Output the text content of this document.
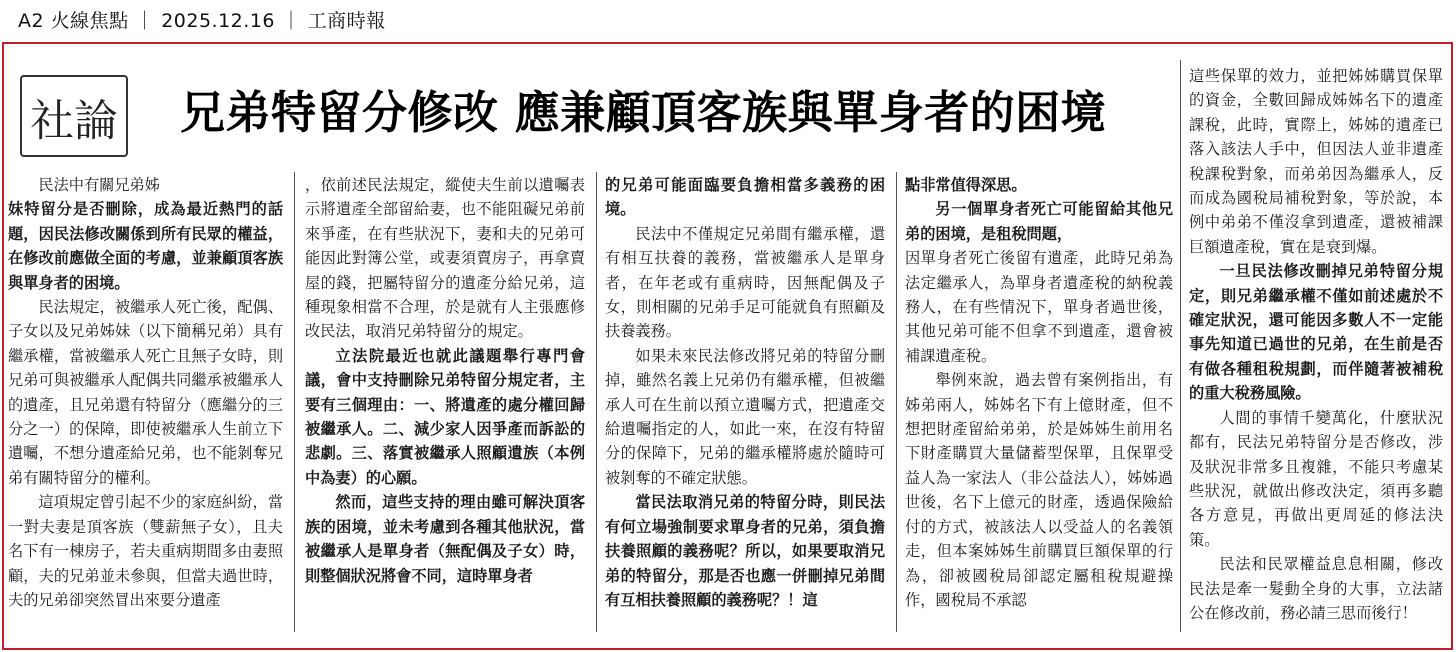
A2 火線焦點 ｜ 2025.12.16 ｜ 工商時報
社論 兄弟特留分修改 應兼顧頂客族與單身者的困境

民法中有關兄弟姊

妹特留分是否刪除，成為最近熱門的話題，因民法修改關係到所有民眾的權益，在修改前應做全面的考慮，並兼顧頂客族與單身者的困境。

民法規定，被繼承人死亡後，配偶、子女以及兄弟姊妹（以下簡稱兄弟）具有繼承權，當被繼承人死亡且無子女時，則兄弟可與被繼承人配偶共同繼承被繼承人的遺產，且兄弟還有特留分（應繼分的三分之一）的保障，即使被繼承人生前立下遺囑，不想分遺產給兄弟，也不能剝奪兄弟有關特留分的權利。

這項規定曾引起不少的家庭糾紛，當一對夫妻是頂客族（雙薪無子女），且夫名下有一棟房子，若夫重病期間多由妻照顧，夫的兄弟並未參與，但當夫過世時，夫的兄弟卻突然冒出來要分遺產

，依前述民法規定，縱使夫生前以遺囑表示將遺產全部留給妻，也不能阻礙兄弟前來爭產，在有些狀況下，妻和夫的兄弟可能因此對簿公堂，或妻須賣房子，再拿賣屋的錢，把屬特留分的遺產分給兄弟，這種現象相當不合理，於是就有人主張應修改民法，取消兄弟特留分的規定。

立法院最近也就此議題舉行專門會議，會中支持刪除兄弟特留分規定者，主要有三個理由：一、將遺產的處分權回歸被繼承人。二、減少家人因爭產而訴訟的悲劇。三、落實被繼承人照顧遺族（本例中為妻）的心願。

然而，這些支持的理由雖可解決頂客族的困境，並未考慮到各種其他狀況，當被繼承人是單身者（無配偶及子女）時，則整個狀況將會不同，這時單身者

的兄弟可能面臨要負擔相當多義務的困境。

民法中不僅規定兄弟間有繼承權，還有相互扶養的義務，當被繼承人是單身者，在年老或有重病時，因無配偶及子女，則相關的兄弟手足可能就負有照顧及扶養義務。

如果未來民法修改將兄弟的特留分刪掉，雖然名義上兄弟仍有繼承權，但被繼承人可在生前以預立遺囑方式，把遺產交給遺囑指定的人，如此一來，在沒有特留分的保障下，兄弟的繼承權將處於隨時可被剝奪的不確定狀態。

當民法取消兄弟的特留分時，則民法有何立場強制要求單身者的兄弟，須負擔扶養照顧的義務呢？所以，如果要取消兄弟的特留分，那是否也應一併刪掉兄弟間有互相扶養照顧的義務呢？！這

點非常值得深思。

另一個單身者死亡可能留給其他兄弟的困境，是租稅問題，

因單身者死亡後留有遺產，此時兄弟為法定繼承人，為單身者遺產稅的納稅義務人，在有些情況下，單身者過世後，其他兄弟可能不但拿不到遺產，還會被補課遺產稅。

舉例來說，過去曾有案例指出，有姊弟兩人，姊姊名下有上億財產，但不想把財產留給弟弟，於是姊姊生前用名下財產購買大量儲蓄型保單，且保單受益人為一家法人（非公益法人），姊姊過世後，名下上億元的財產，透過保險給付的方式，被該法人以受益人的名義領走，但本案姊姊生前購買巨額保單的行為，卻被國稅局卻認定屬租稅規避操作，國稅局不承認

這些保單的效力，並把姊姊購買保單的資金，全數回歸成姊姊名下的遺產課稅，此時，實際上，姊姊的遺產已落入該法人手中，但因法人並非遺產稅課稅對象，而弟弟因為繼承人，反而成為國稅局補稅對象，等於說，本例中弟弟不僅沒拿到遺產，還被補課巨額遺產稅，實在是衰到爆。

一旦民法修改刪掉兄弟特留分規定，則兄弟繼承權不僅如前述處於不確定狀況，還可能因多數人不一定能事先知道已過世的兄弟，在生前是否有做各種租稅規劃，而伴隨著被補稅的重大稅務風險。

人間的事情千變萬化，什麼狀況都有，民法兄弟特留分是否修改，涉及狀況非常多且複雜，不能只考慮某些狀況，就做出修改決定，須再多聽各方意見，再做出更周延的修法決策。

民法和民眾權益息息相關，修改民法是牽一髮動全身的大事，立法諸公在修改前，務必請三思而後行！
